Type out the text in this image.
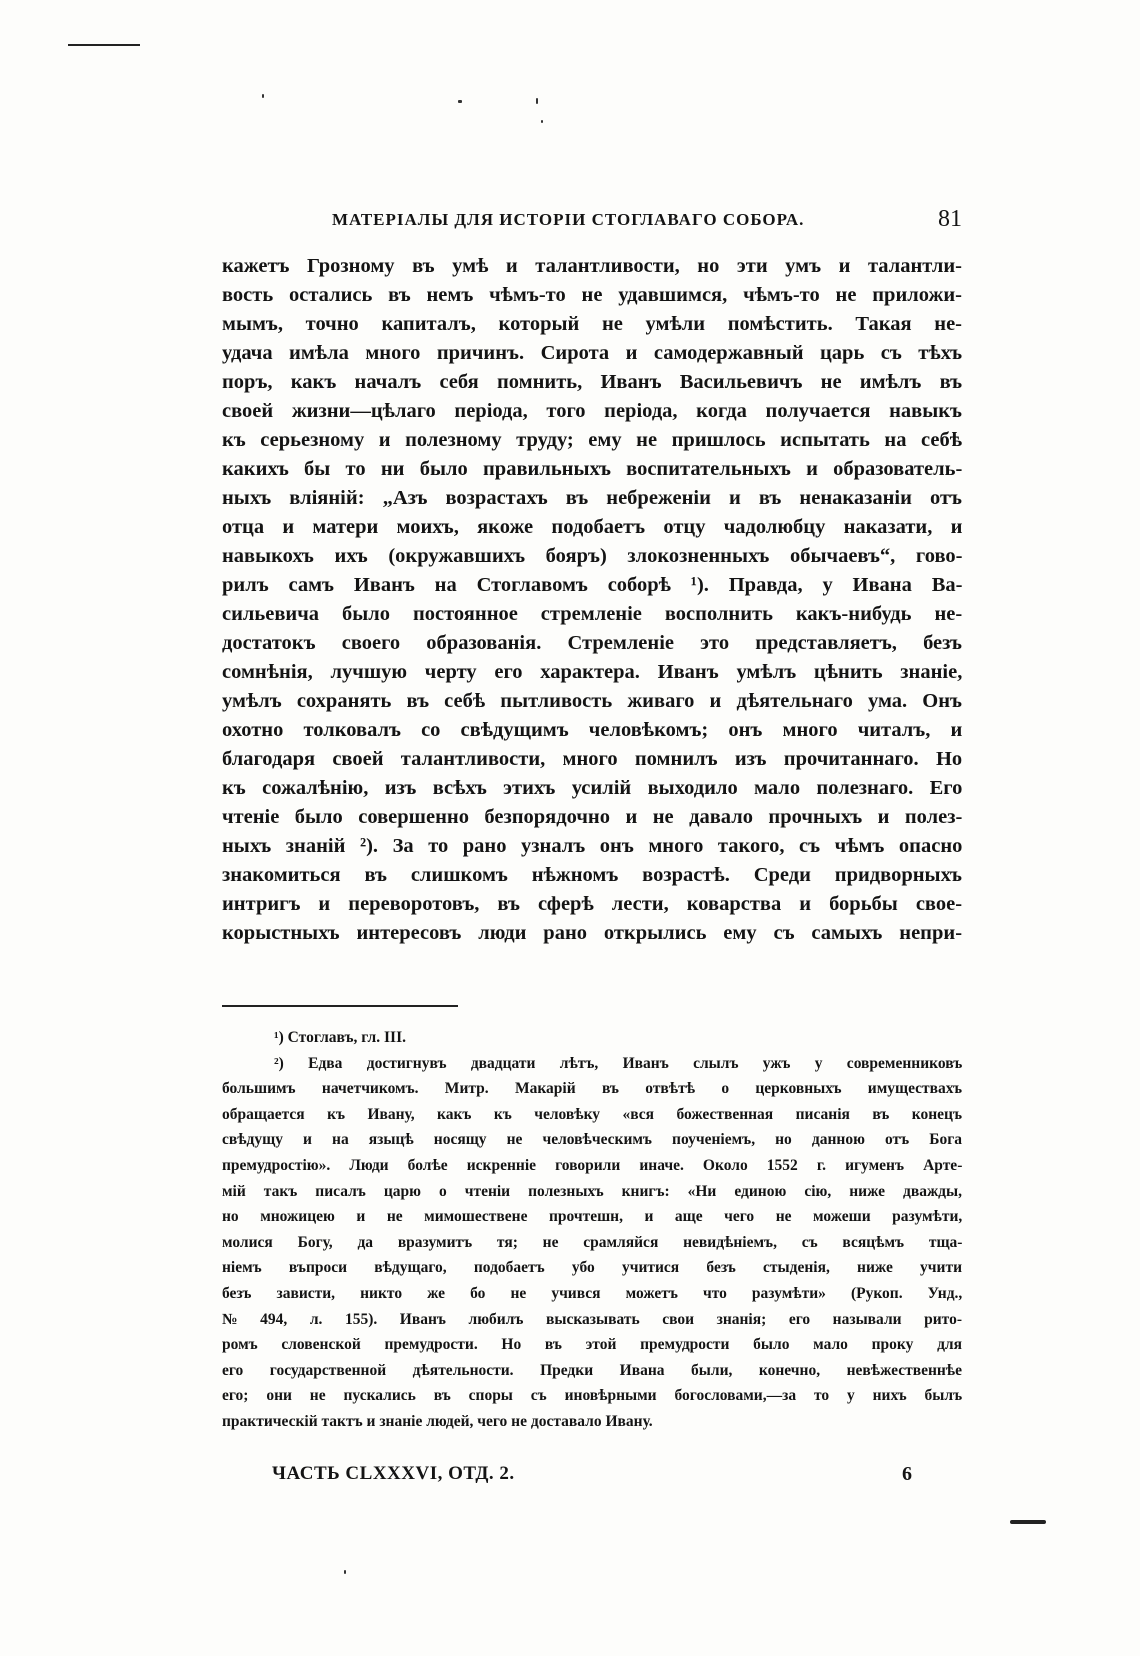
МАТЕРІАЛЫ ДЛЯ ИСТОРІИ СТОГЛАВАГО СОБОРА.	81
кажетъ Грозному въ умѣ и талантливости, но эти умъ и талантли-
вость остались въ немъ чѣмъ-то не удавшимся, чѣмъ-то не приложи-
мымъ, точно капиталъ, который не умѣли помѣстить. Такая не-
удача имѣла много причинъ. Сирота и самодержавный царь съ тѣхъ
поръ, какъ началъ себя помнить, Иванъ Васильевичъ не имѣлъ въ
своей жизни—цѣлаго періода, того періода, когда получается навыкъ
къ серьезному и полезному труду; ему не пришлось испытать на себѣ
какихъ бы то ни было правильныхъ воспитательныхъ и образователь-
ныхъ вліяній: „Азъ возрастахъ въ небреженіи и въ ненаказаніи отъ
отца и матери моихъ, якоже подобаетъ отцу чадолюбцу наказати, и
навыкохъ ихъ (окружавшихъ бояръ) злокозненныхъ обычаевъ“, гово-
рилъ самъ Иванъ на Стоглавомъ соборѣ ¹). Правда, у Ивана Ва-
сильевича было постоянное стремленіе восполнить какъ-нибудь не-
достатокъ своего образованія. Стремленіе это представляетъ, безъ
сомнѣнія, лучшую черту его характера. Иванъ умѣлъ цѣнить знаніе,
умѣлъ сохранять въ себѣ пытливость живаго и дѣятельнаго ума. Онъ
охотно толковалъ со свѣдущимъ человѣкомъ; онъ много читалъ, и
благодаря своей талантливости, много помнилъ изъ прочитаннаго. Но
къ сожалѣнію, изъ всѣхъ этихъ усилій выходило мало полезнаго. Его
чтеніе было совершенно безпорядочно и не давало прочныхъ и полез-
ныхъ знаній ²). За то рано узналъ онъ много такого, съ чѣмъ опасно
знакомиться въ слишкомъ нѣжномъ возрастѣ. Среди придворныхъ
интригъ и переворотовъ, въ сферѣ лести, коварства и борьбы свое-
корыстныхъ интересовъ люди рано открылись ему съ самыхъ непри-
¹) Стоглавъ, гл. III.
²) Едва достигнувъ двадцати лѣтъ, Иванъ слылъ ужъ у современниковъ
большимъ начетчикомъ. Митр. Макарій въ отвѣтѣ о церковныхъ имуществахъ
обращается къ Ивану, какъ къ человѣку «вся божественная писанія въ конецъ
свѣдущу и на языцѣ носящу не человѣческимъ поученіемъ, но данною отъ Бога
премудростію». Люди болѣе искренніе говорили иначе. Около 1552 г. игуменъ Арте-
мій такъ писалъ царю о чтеніи полезныхъ книгъ: «Ни единою сію, ниже дважды,
но множицею и не мимошествене прочтешн, и аще чего не можеши разумѣти,
молися Богу, да вразумитъ тя; не срамляйся невидѣніемъ, съ всяцѣмъ тща-
ніемъ въпроси вѣдущаго, подобаетъ убо учитися безъ стыденія, ниже учити
безъ зависти, никто же бо не учився можетъ что разумѣти» (Рукоп. Унд.,
№ 494, л. 155). Иванъ любилъ высказывать свои знанія; его называли рито-
ромъ словенской премудрости. Но въ этой премудрости было мало проку для
его государственной дѣятельности. Предки Ивана были, конечно, невѣжественнѣе
его; они не пускались въ споры съ иновѣрными богословами,—за то у нихъ былъ
практическій тактъ и знаніе людей, чего не доставало Ивану.
ЧАСТЬ CLXXXVI, ОТД. 2.	6
